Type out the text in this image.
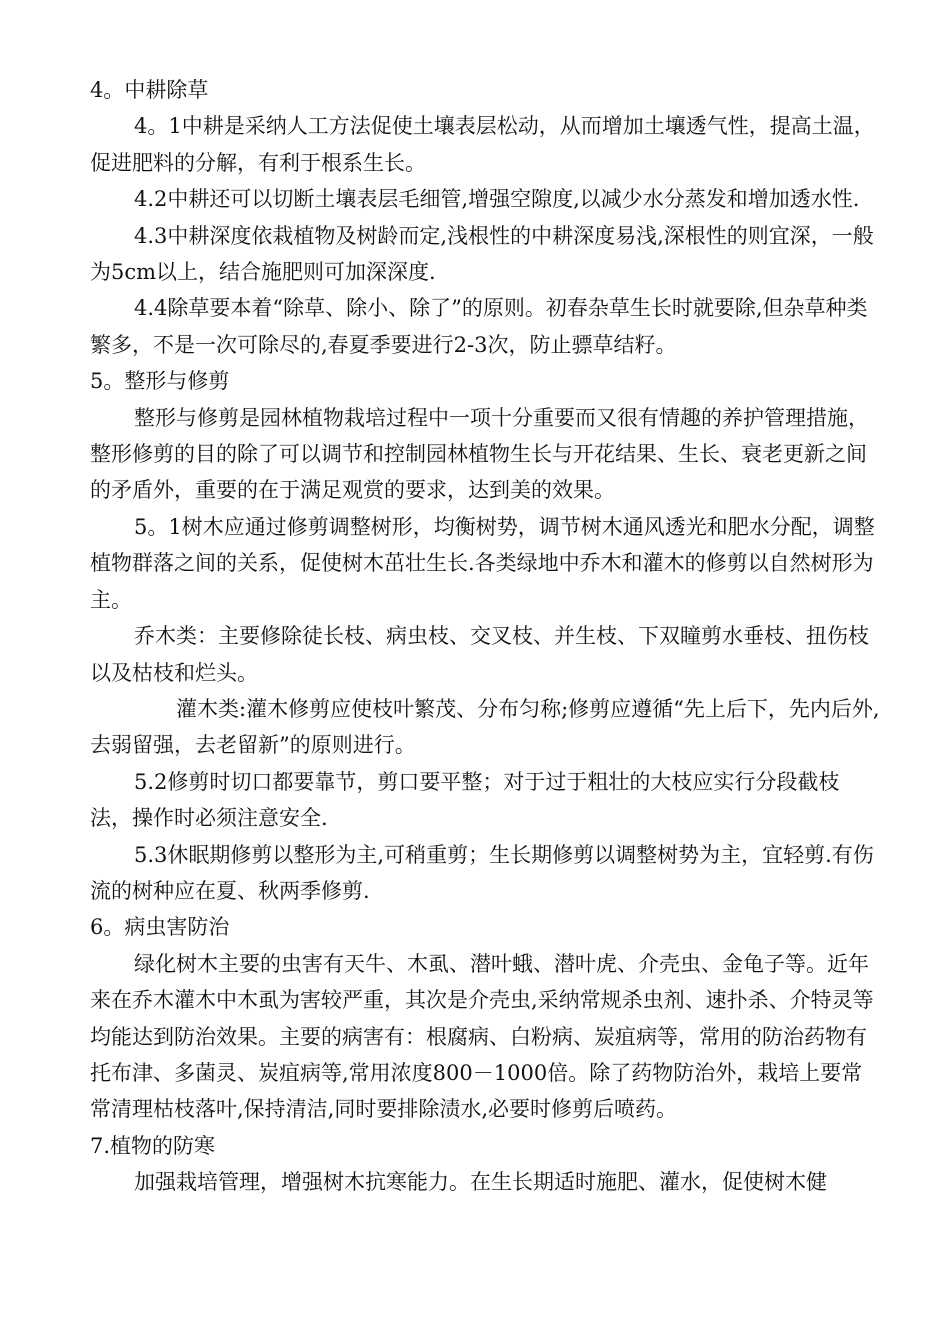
4。中耕除草

4。1中耕是采纳人工方法促使土壤表层松动，从而增加土壤透气性，提高土温，促进肥料的分解，有利于根系生长。

4.2中耕还可以切断土壤表层毛细管,增强空隙度,以减少水分蒸发和增加透水性.

4.3中耕深度依栽植物及树龄而定,浅根性的中耕深度易浅,深根性的则宜深，一般为5cm以上，结合施肥则可加深深度.

4.4除草要本着“除草、除小、除了”的原则。初春杂草生长时就要除,但杂草种类繁多，不是一次可除尽的,春夏季要进行2-3次，防止骠草结籽。

5。整形与修剪

整形与修剪是园林植物栽培过程中一项十分重要而又很有情趣的养护管理措施，整形修剪的目的除了可以调节和控制园林植物生长与开花结果、生长、衰老更新之间的矛盾外，重要的在于满足观赏的要求，达到美的效果。

5。1树木应通过修剪调整树形，均衡树势，调节树木通风透光和肥水分配，调整植物群落之间的关系，促使树木茁壮生长.各类绿地中乔木和灌木的修剪以自然树形为主。

乔木类：主要修除徒长枝、病虫枝、交叉枝、并生枝、下双瞳剪水垂枝、扭伤枝以及枯枝和烂头。

灌木类:灌木修剪应使枝叶繁茂、分布匀称;修剪应遵循“先上后下，先内后外,去弱留强，去老留新”的原则进行。

5.2修剪时切口都要靠节，剪口要平整；对于过于粗壮的大枝应实行分段截枝法，操作时必须注意安全.

5.3休眠期修剪以整形为主,可稍重剪；生长期修剪以调整树势为主，宜轻剪.有伤流的树种应在夏、秋两季修剪.

6。病虫害防治

绿化树木主要的虫害有天牛、木虱、潜叶蛾、潜叶虎、介壳虫、金龟子等。近年来在乔木灌木中木虱为害较严重，其次是介壳虫,采纳常规杀虫剂、速扑杀、介特灵等均能达到防治效果。主要的病害有：根腐病、白粉病、炭疽病等，常用的防治药物有托布津、多菌灵、炭疽病等,常用浓度800－1000倍。除了药物防治外，栽培上要常常清理枯枝落叶,保持清洁,同时要排除渍水,必要时修剪后喷药。

7.植物的防寒

加强栽培管理，增强树木抗寒能力。在生长期适时施肥、灌水，促使树木健
